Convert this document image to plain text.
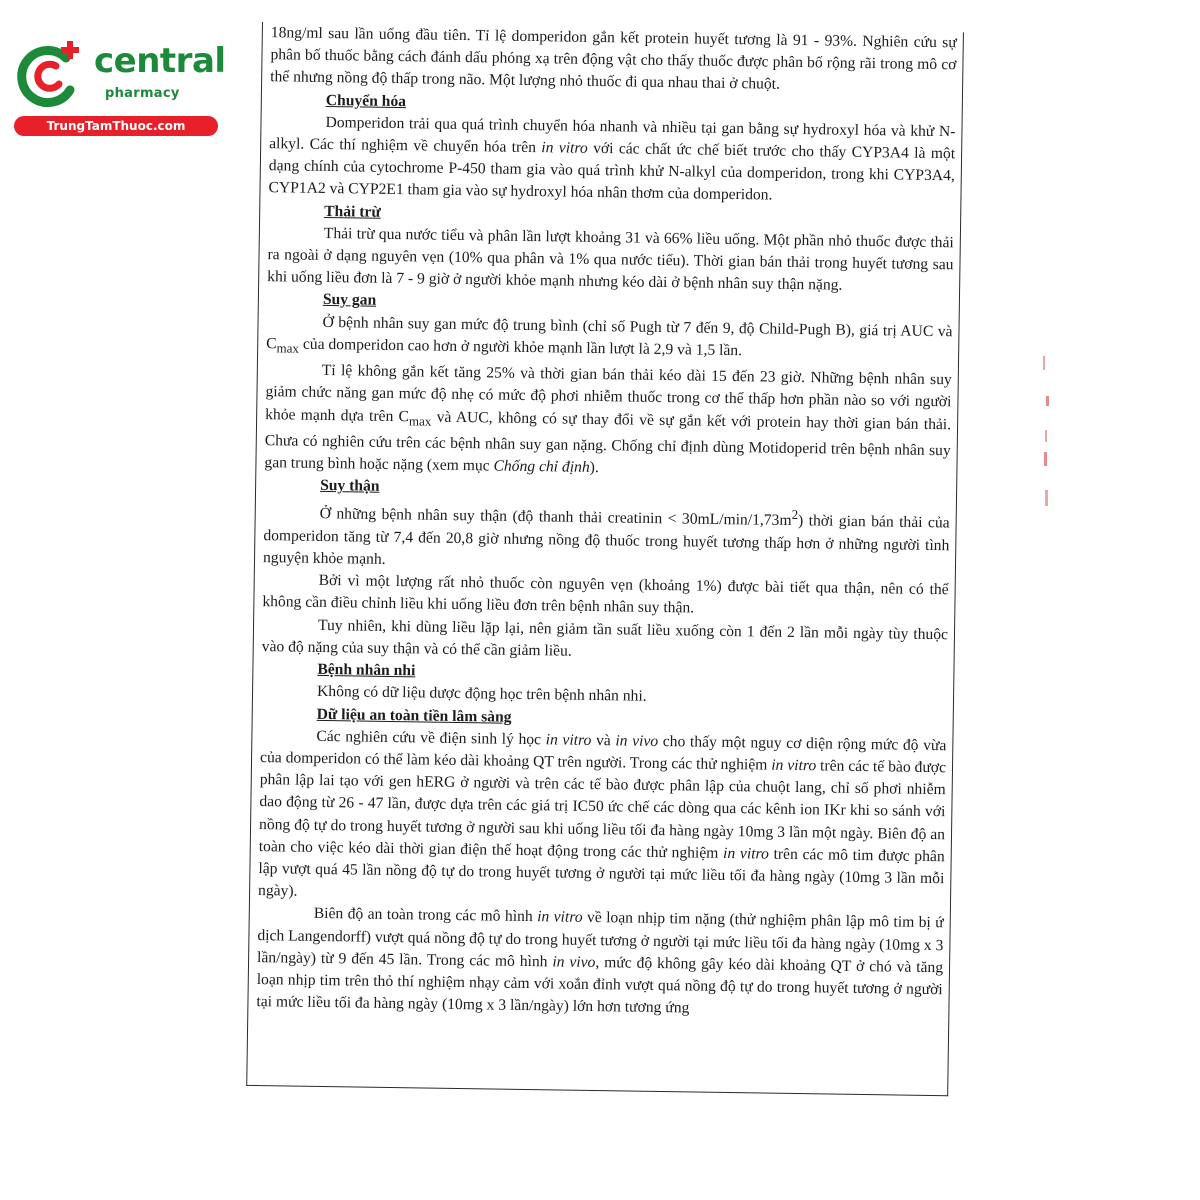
central
pharmacy
TrungTamThuoc.com

18ng/ml sau lần uống đầu tiên. Tỉ lệ domperidon gắn kết protein huyết tương là 91 - 93%. Nghiên cứu sự phân bố thuốc bằng cách đánh dấu phóng xạ trên động vật cho thấy thuốc được phân bố rộng rãi trong mô cơ thể nhưng nồng độ thấp trong não. Một lượng nhỏ thuốc đi qua nhau thai ở chuột.

Chuyển hóa

Domperidon trải qua quá trình chuyển hóa nhanh và nhiều tại gan bằng sự hydroxyl hóa và khử N-alkyl. Các thí nghiệm về chuyển hóa trên in vitro với các chất ức chế biết trước cho thấy CYP3A4 là một dạng chính của cytochrome P-450 tham gia vào quá trình khử N-alkyl của domperidon, trong khi CYP3A4, CYP1A2 và CYP2E1 tham gia vào sự hydroxyl hóa nhân thơm của domperidon.

Thải trừ

Thải trừ qua nước tiểu và phân lần lượt khoảng 31 và 66% liều uống. Một phần nhỏ thuốc được thải ra ngoài ở dạng nguyên vẹn (10% qua phân và 1% qua nước tiểu). Thời gian bán thải trong huyết tương sau khi uống liều đơn là 7 - 9 giờ ở người khỏe mạnh nhưng kéo dài ở bệnh nhân suy thận nặng.

Suy gan

Ở bệnh nhân suy gan mức độ trung bình (chỉ số Pugh từ 7 đến 9, độ Child-Pugh B), giá trị AUC và $C_{max}$ của domperidon cao hơn ở người khỏe mạnh lần lượt là 2,9 và 1,5 lần.

Tỉ lệ không gắn kết tăng 25% và thời gian bán thải kéo dài 15 đến 23 giờ. Những bệnh nhân suy giảm chức năng gan mức độ nhẹ có mức độ phơi nhiễm thuốc trong cơ thể thấp hơn phần nào so với người khỏe mạnh dựa trên $C_{max}$ và AUC, không có sự thay đổi về sự gắn kết với protein hay thời gian bán thải. Chưa có nghiên cứu trên các bệnh nhân suy gan nặng. Chống chỉ định dùng Motidoperid trên bệnh nhân suy gan trung bình hoặc nặng (xem mục Chống chỉ định).

Suy thận

Ở những bệnh nhân suy thận (độ thanh thải creatinin < $30mL/\min/1,73m^2$) thời gian bán thải của domperidon tăng từ 7,4 đến 20,8 giờ nhưng nồng độ thuốc trong huyết tương thấp hơn ở những người tình nguyện khỏe mạnh.

Bởi vì một lượng rất nhỏ thuốc còn nguyên vẹn (khoảng 1%) được bài tiết qua thận, nên có thể không cần điều chỉnh liều khi uống liều đơn trên bệnh nhân suy thận.

Tuy nhiên, khi dùng liều lặp lại, nên giảm tần suất liều xuống còn 1 đến 2 lần mỗi ngày tùy thuộc vào độ nặng của suy thận và có thể cần giảm liều.

Bệnh nhân nhi

Không có dữ liệu dược động học trên bệnh nhân nhi.

Dữ liệu an toàn tiền lâm sàng

Các nghiên cứu về điện sinh lý học in vitro và in vivo cho thấy một nguy cơ diện rộng mức độ vừa của domperidon có thể làm kéo dài khoảng QT trên người. Trong các thử nghiệm in vitro trên các tế bào được phân lập lai tạo với gen hERG ở người và trên các tế bào được phân lập của chuột lang, chỉ số phơi nhiễm dao động từ 26 - 47 lần, được dựa trên các giá trị IC50 ức chế các dòng qua các kênh ion IKr khi so sánh với nồng độ tự do trong huyết tương ở người sau khi uống liều tối đa hàng ngày 10mg 3 lần một ngày. Biên độ an toàn cho việc kéo dài thời gian điện thế hoạt động trong các thử nghiệm in vitro trên các mô tim được phân lập vượt quá 45 lần nồng độ tự do trong huyết tương ở người tại mức liều tối đa hàng ngày (10mg 3 lần mỗi ngày).

Biên độ an toàn trong các mô hình in vitro về loạn nhịp tim nặng (thử nghiệm phân lập mô tim bị ứ dịch Langendorff) vượt quá nồng độ tự do trong huyết tương ở người tại mức liều tối đa hàng ngày (10mg x 3 lần/ngày) từ 9 đến 45 lần. Trong các mô hình in vivo, mức độ không gây kéo dài khoảng QT ở chó và tăng loạn nhịp tim trên thỏ thí nghiệm nhạy cảm với xoắn đỉnh vượt quá nồng độ tự do trong huyết tương ở người tại mức liều tối đa hàng ngày (10mg x 3 lần/ngày) lớn hơn tương ứng
